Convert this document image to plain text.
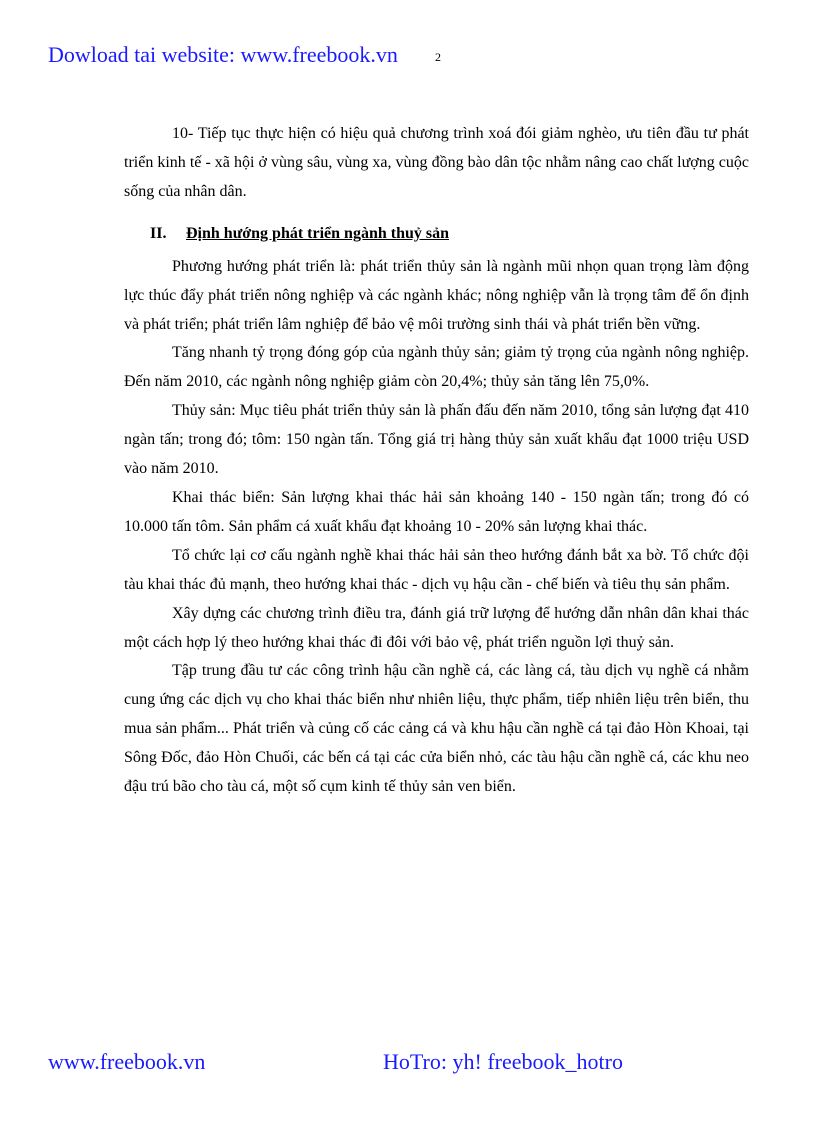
Dowload tai website: www.freebook.vn	2

10- Tiếp tục thực hiện có hiệu quả chương trình xoá đói giảm nghèo, ưu tiên đầu tư phát triển kinh tế - xã hội ở vùng sâu, vùng xa, vùng đồng bào dân tộc nhằm nâng cao chất lượng cuộc sống của nhân dân.

II. Định hướng phát triển ngành thuỷ sản

Phương hướng phát triển là: phát triển thủy sản là ngành mũi nhọn quan trọng làm động lực thúc đẩy phát triển nông nghiệp và các ngành khác; nông nghiệp vẫn là trọng tâm để ổn định và phát triển; phát triển lâm nghiệp để bảo vệ môi trường sinh thái và phát triển bền vững.

Tăng nhanh tỷ trọng đóng góp của ngành thủy sản; giảm tỷ trọng của ngành nông nghiệp. Đến năm 2010, các ngành nông nghiệp giảm còn 20,4%; thủy sản tăng lên 75,0%.

Thủy sản: Mục tiêu phát triển thủy sản là phấn đấu đến năm 2010, tổng sản lượng đạt 410 ngàn tấn; trong đó; tôm: 150 ngàn tấn. Tổng giá trị hàng thủy sản xuất khẩu đạt 1000 triệu USD vào năm 2010.

Khai thác biển: Sản lượng khai thác hải sản khoảng 140 - 150 ngàn tấn; trong đó có 10.000 tấn tôm. Sản phẩm cá xuất khẩu đạt khoảng 10 - 20% sản lượng khai thác.

Tổ chức lại cơ cấu ngành nghề khai thác hải sản theo hướng đánh bắt xa bờ. Tổ chức đội tàu khai thác đủ mạnh, theo hướng khai thác - dịch vụ hậu cần - chế biến và tiêu thụ sản phẩm.

Xây dựng các chương trình điều tra, đánh giá trữ lượng để hướng dẫn nhân dân khai thác một cách hợp lý theo hướng khai thác đi đôi với bảo vệ, phát triển nguồn lợi thuỷ sản.

Tập trung đầu tư các công trình hậu cần nghề cá, các làng cá, tàu dịch vụ nghề cá nhằm cung ứng các dịch vụ cho khai thác biển như nhiên liệu, thực phẩm, tiếp nhiên liệu trên biển, thu mua sản phẩm... Phát triển và củng cố các cảng cá và khu hậu cần nghề cá tại đảo Hòn Khoai, tại Sông Đốc, đảo Hòn Chuối, các bến cá tại các cửa biển nhỏ, các tàu hậu cần nghề cá, các khu neo đậu trú bão cho tàu cá, một số cụm kinh tế thủy sản ven biển.

www.freebook.vn	HoTro: yh! freebook_hotro
